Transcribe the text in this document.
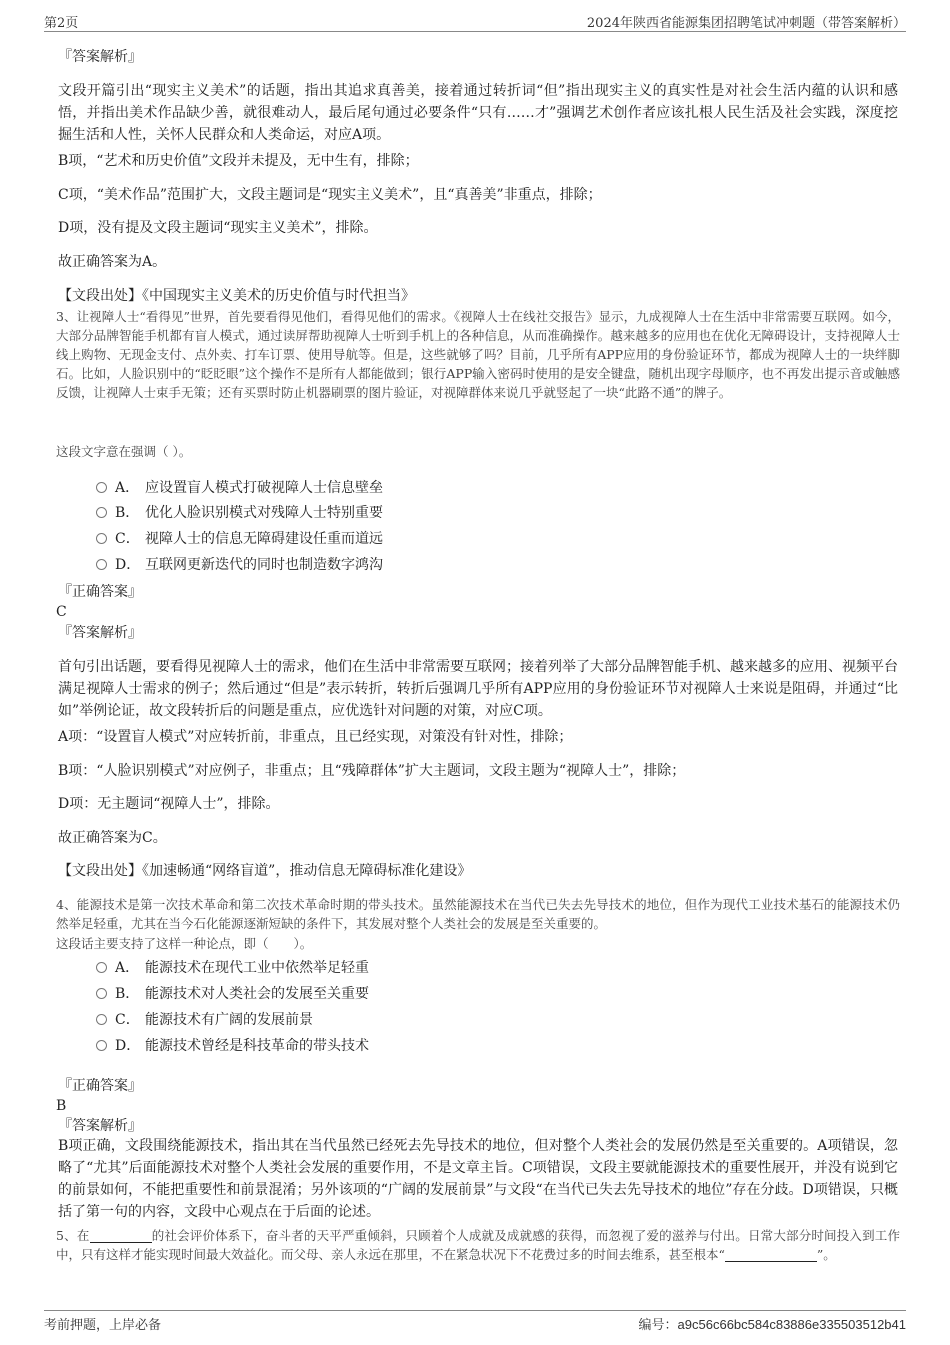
第2页	2024年陕西省能源集团招聘笔试冲刺题（带答案解析）
『答案解析』
文段开篇引出“现实主义美术”的话题，指出其追求真善美，接着通过转折词“但”指出现实主义的真实性是对社会生活内蕴的认识和感悟，并指出美术作品缺少善，就很难动人，最后尾句通过必要条件“只有……才”强调艺术创作者应该扎根人民生活及社会实践，深度挖掘生活和人性，关怀人民群众和人类命运，对应A项。
B项，“艺术和历史价值”文段并未提及，无中生有，排除；
C项，“美术作品”范围扩大，文段主题词是“现实主义美术”，且“真善美”非重点，排除；
D项，没有提及文段主题词“现实主义美术”，排除。
故正确答案为A。
【文段出处】《中国现实主义美术的历史价值与时代担当》
3、让视障人士“看得见”世界，首先要看得见他们，看得见他们的需求。《视障人士在线社交报告》显示，九成视障人士在生活中非常需要互联网。如今，大部分品牌智能手机都有盲人模式，通过读屏帮助视障人士听到手机上的各种信息，从而准确操作。越来越多的应用也在优化无障碍设计，支持视障人士线上购物、无现金支付、点外卖、打车订票、使用导航等。但是，这些就够了吗？目前，几乎所有APP应用的身份验证环节，都成为视障人士的一块绊脚石。比如，人脸识别中的“眨眨眼”这个操作不是所有人都能做到；银行APP输入密码时使用的是安全键盘，随机出现字母顺序，也不再发出提示音或触感反馈，让视障人士束手无策；还有买票时防止机器刷票的图片验证，对视障群体来说几乎就竖起了一块“此路不通”的牌子。
这段文字意在强调（ ）。
A． 应设置盲人模式打破视障人士信息壁垒
B． 优化人脸识别模式对残障人士特别重要
C． 视障人士的信息无障碍建设任重而道远
D． 互联网更新迭代的同时也制造数字鸿沟
『正确答案』
C
『答案解析』
首句引出话题，要看得见视障人士的需求，他们在生活中非常需要互联网；接着列举了大部分品牌智能手机、越来越多的应用、视频平台满足视障人士需求的例子；然后通过“但是”表示转折，转折后强调几乎所有APP应用的身份验证环节对视障人士来说是阻碍，并通过“比如”举例论证，故文段转折后的问题是重点，应优选针对问题的对策，对应C项。
A项：“设置盲人模式”对应转折前，非重点，且已经实现，对策没有针对性，排除；
B项：“人脸识别模式”对应例子，非重点；且“残障群体”扩大主题词，文段主题为“视障人士”，排除；
D项：无主题词“视障人士”，排除。
故正确答案为C。
【文段出处】《加速畅通“网络盲道”，推动信息无障碍标准化建设》
4、能源技术是第一次技术革命和第二次技术革命时期的带头技术。虽然能源技术在当代已失去先导技术的地位，但作为现代工业技术基石的能源技术仍然举足轻重，尤其在当今石化能源逐渐短缺的条件下，其发展对整个人类社会的发展是至关重要的。
这段话主要支持了这样一种论点，即（　　）。
A． 能源技术在现代工业中依然举足轻重
B． 能源技术对人类社会的发展至关重要
C． 能源技术有广阔的发展前景
D． 能源技术曾经是科技革命的带头技术
『正确答案』
B
『答案解析』
B项正确，文段围绕能源技术，指出其在当代虽然已经死去先导技术的地位，但对整个人类社会的发展仍然是至关重要的。A项错误，忽略了“尤其”后面能源技术对整个人类社会发展的重要作用，不是文章主旨。C项错误，文段主要就能源技术的重要性展开，并没有说到它的前景如何，不能把重要性和前景混淆；另外该项的“广阔的发展前景”与文段“在当代已失去先导技术的地位”存在分歧。D项错误，只概括了第一句的内容，文段中心观点在于后面的论述。
5、在	的社会评价体系下，奋斗者的天平严重倾斜，只顾着个人成就及成就感的获得，而忽视了爱的滋养与付出。日常大部分时间投入到工作中，只有这样才能实现时间最大效益化。而父母、亲人永远在那里，不在紧急状况下不花费过多的时间去维系，甚至根本“	”。
考前押题，上岸必备	编号：a9c56c66bc584c83886e335503512b41
